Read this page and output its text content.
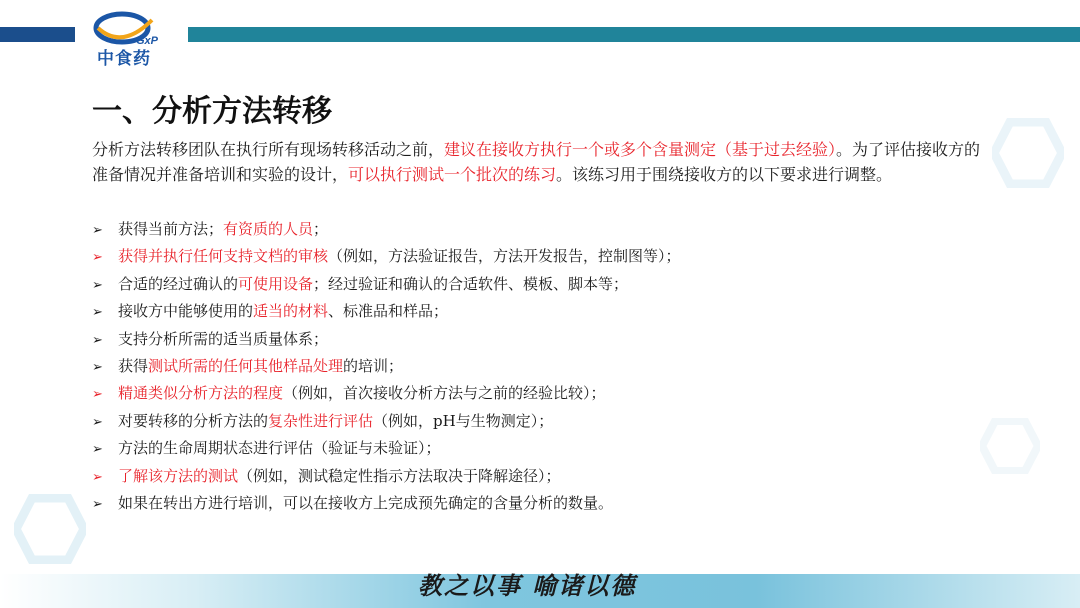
GxP
中食药
一、分析方法转移

分析方法转移团队在执行所有现场转移活动之前，建议在接收方执行一个或多个含量测定（基于过去经验）。为了评估接收方的准备情况并准备培训和实验的设计，可以执行测试一个批次的练习。该练习用于围绕接收方的以下要求进行调整。

➢ 获得当前方法；有资质的人员；
➢ 获得并执行任何支持文档的审核（例如，方法验证报告，方法开发报告，控制图等）；
➢ 合适的经过确认的可使用设备；经过验证和确认的合适软件、模板、脚本等；
➢ 接收方中能够使用的适当的材料、标准品和样品；
➢ 支持分析所需的适当质量体系；
➢ 获得测试所需的任何其他样品处理的培训；
➢ 精通类似分析方法的程度（例如，首次接收分析方法与之前的经验比较）；
➢ 对要转移的分析方法的复杂性进行评估（例如，pH与生物测定）；
➢ 方法的生命周期状态进行评估（验证与未验证）；
➢ 了解该方法的测试（例如，测试稳定性指示方法取决于降解途径）；
➢ 如果在转出方进行培训，可以在接收方上完成预先确定的含量分析的数量。
教之以事 喻诸以德
